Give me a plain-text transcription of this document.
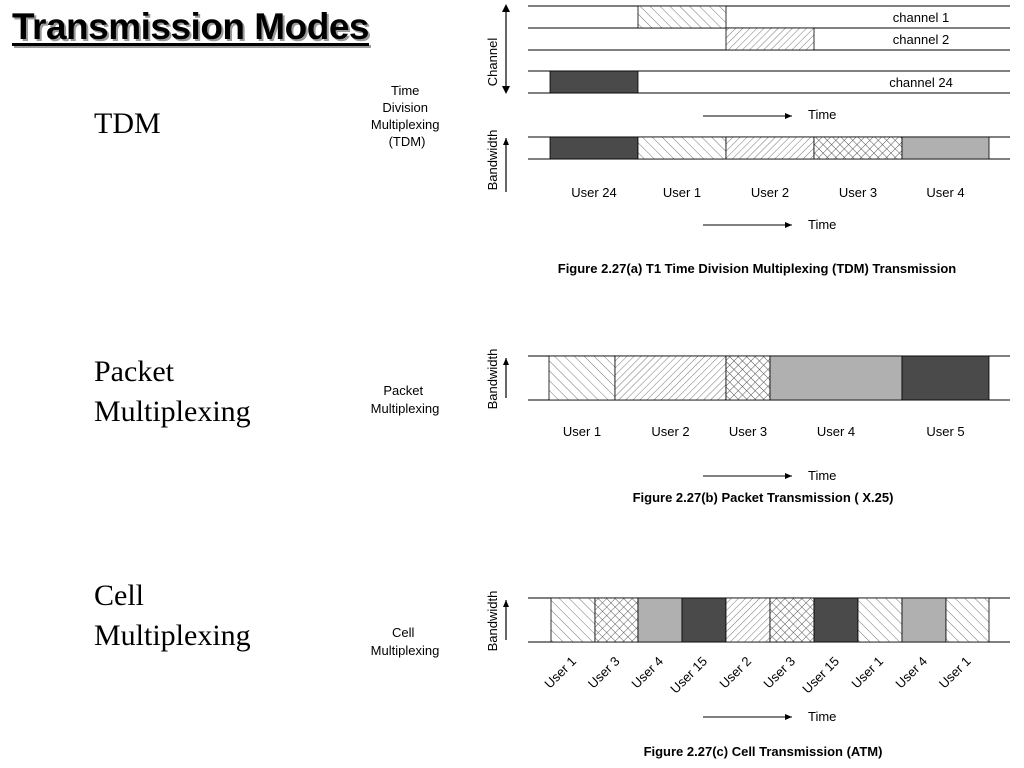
Transmission Modes
TDM
Packet
Multiplexing
Cell
Multiplexing
Time Division Multiplexing (TDM)
Packet Multiplexing
Cell Multiplexing
Channel
channel 1
channel 2
channel 24
Time
Bandwidth
User 24	User 1	User 2	User 3	User 4
Time
Figure 2.27(a) T1 Time Division Multiplexing (TDM) Transmission
Bandwidth
User 1	User 2	User 3	User 4	User 5
Time
Figure 2.27(b) Packet Transmission ( X.25)
Bandwidth
User 1 User 3 User 4 User 15 User 2 User 3 User 15 User 1 User 4 User 1
Time
Figure 2.27(c) Cell Transmission (ATM)
